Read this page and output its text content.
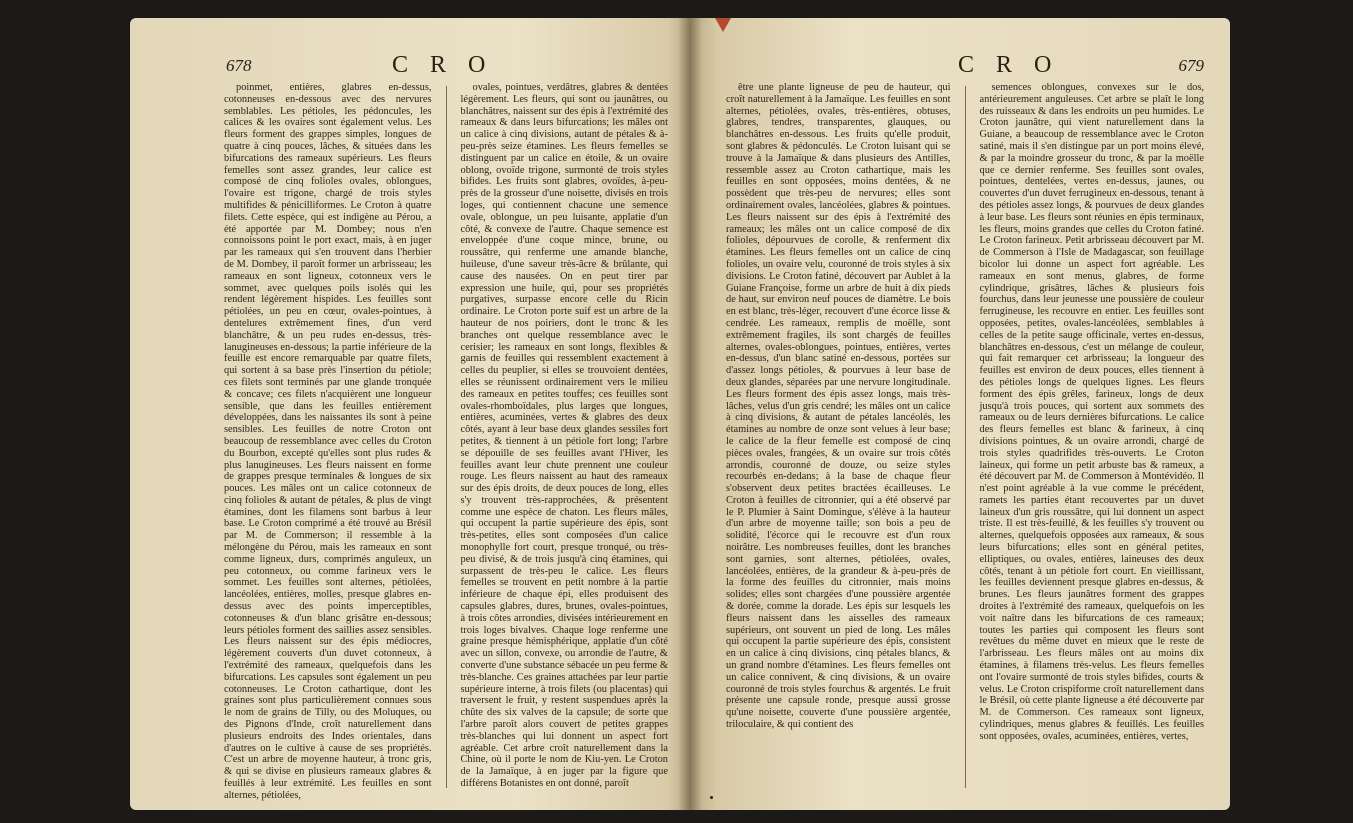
678	C R O

poinmet, entières, glabres en-dessus, cotonneuses en-dessous avec des nervures semblables. Les pétioles, les pédoncules, les calices & les ovaires sont également velus. Les fleurs forment des grappes simples, longues de quatre à cinq pouces, lâches, & situées dans les bifurcations des rameaux supérieurs. Les fleurs femelles sont assez grandes, leur calice est composé de cinq folioles ovales, oblongues, l'ovaire est trigone, chargé de trois styles multifides & pénicilliformes. Le Croton à quatre filets. Cette espèce, qui est indigène au Pérou, a été apportée par M. Dombey; nous n'en connoissons point le port exact, mais, à en juger par les rameaux qui s'en trouvent dans l'herbier de M. Dombey, il paroît former un arbrisseau; les rameaux en sont ligneux, cotonneux vers le sommet, avec quelques poils isolés qui les rendent légèrement hispides. Les feuilles sont pétiolées, un peu en cœur, ovales-pointues, à dentelures extrêmement fines, d'un verd blanchâtre, & un peu rudes en-dessus, très-lanugineuses en-dessous; la partie inférieure de la feuille est encore remarquable par quatre filets, qui sortent à sa base près l'insertion du pétiole; ces filets sont terminés par une glande tronquée & concave; ces filets n'acquièrent une longueur sensible, que dans les feuilles entièrement développées, dans les naissantes ils sont à peine sensibles. Les feuilles de notre Croton ont beaucoup de ressemblance avec celles du Croton du Bourbon, excepté qu'elles sont plus rudes & plus lanugineuses. Les fleurs naissent en forme de grappes presque terminales & longues de six pouces. Les mâles ont un calice cotonneux de cinq folioles & autant de pétales, & plus de vingt étamines, dont les filamens sont barbus à leur base. Le Croton comprimé a été trouvé au Brésil par M. de Commerson; il ressemble à la mélongène du Pérou, mais les rameaux en sont comme ligneux, durs, comprimés anguleux, un peu cotonneux, ou comme farineux vers le sommet. Les feuilles sont alternes, pétiolées, lancéolées, entières, molles, presque glabres en-dessus avec des points imperceptibles, cotonneuses & d'un blanc grisâtre en-dessous; leurs pétioles forment des saillies assez sensibles. Les fleurs naissent sur des épis médiocres, légèrement couverts d'un duvet cotonneux, à l'extrémité des rameaux, quelquefois dans les bifurcations. Les capsules sont également un peu cotonneuses. Le Croton cathartique, dont les graines sont plus particulièrement connues sous le nom de grains de Tilly, ou des Moluques, ou des Pignons d'Inde, croît naturellement dans plusieurs endroits des Indes orientales, dans d'autres on le cultive à cause de ses propriétés. C'est un arbre de moyenne hauteur, à tronc gris, & qui se divise en plusieurs rameaux glabres & feuillés à leur extrémité. Les feuilles en sont alternes, pétiolées,

ovales, pointues, verdâtres, glabres & dentées légèrement. Les fleurs, qui sont ou jaunâtres, ou blanchâtres, naissent sur des épis à l'extrémité des rameaux & dans leurs bifurcations; les mâles ont un calice à cinq divisions, autant de pétales & à-peu-près seize étamines. Les fleurs femelles se distinguent par un calice en étoile, & un ovaire oblong, ovoïde trigone, surmonté de trois styles bifides. Les fruits sont glabres, ovoïdes, à-peu-près de la grosseur d'une noisette, divisés en trois loges, qui contiennent chacune une semence ovale, oblongue, un peu luisante, applatie d'un côté, & convexe de l'autre. Chaque semence est enveloppée d'une coque mince, brune, ou roussâtre, qui renferme une amande blanche, huileuse, d'une saveur très-âcre & brûlante, qui cause des nausées. On en peut tirer par expression une huile, qui, pour ses propriétés purgatives, surpasse encore celle du Ricin ordinaire. Le Croton porte suif est un arbre de la hauteur de nos poiriers, dont le tronc & les branches ont quelque ressemblance avec le cerisier; les rameaux en sont longs, flexibles & garnis de feuilles qui ressemblent exactement à celles du peuplier, si elles se trouvoient dentées, elles se réunissent ordinairement vers le milieu des rameaux en petites touffes; ces feuilles sont ovales-rhomboïdales, plus larges que longues, entières, acuminées, vertes & glabres des deux côtés, ayant à leur base deux glandes sessiles fort petites, & tiennent à un pétiole fort long; l'arbre se dépouille de ses feuilles avant l'Hiver, les feuilles avant leur chute prennent une couleur rouge. Les fleurs naissent au haut des rameaux sur des épis droits, de deux pouces de long, elles s'y trouvent très-rapprochées, & présentent comme une espèce de chaton. Les fleurs mâles, qui occupent la partie supérieure des épis, sont très-petites, elles sont composées d'un calice monophylle fort court, presque tronqué, ou très-peu divisé, & de trois jusqu'à cinq étamines, qui surpassent de très-peu le calice. Les fleurs femelles se trouvent en petit nombre à la partie inférieure de chaque épi, elles produisent des capsules glabres, dures, brunes, ovales-pointues, à trois côtes arrondies, divisées intérieurement en trois loges bivalves. Chaque loge renferme une graine presque hémisphérique, applatie d'un côté avec un sillon, convexe, ou arrondie de l'autre, & converte d'une substance sébacée un peu ferme & très-blanche. Ces graines attachées par leur partie supérieure interne, à trois filets (ou placentas) qui traversent le fruit, y restent suspendues après la chûte des six valves de la capsule; de sorte que l'arbre paroît alors couvert de petites grappes très-blanches qui lui donnent un aspect fort agréable. Cet arbre croît naturellement dans la Chine, où il porte le nom de Kiu-yen. Le Croton de la Jamaïque, à en juger par la figure que différens Botanistes en ont donné, paroît

C R O	679

être une plante ligneuse de peu de hauteur, qui croît naturellement à la Jamaïque. Les feuilles en sont alternes, pétiolées, ovales, très-entières, obtuses, glabres, tendres, transparentes, glauques, ou blanchâtres en-dessous. Les fruits qu'elle produit, sont glabres & pédonculés. Le Croton luisant qui se trouve à la Jamaïque & dans plusieurs des Antilles, ressemble assez au Croton cathartique, mais les feuilles en sont opposées, moins dentées, & ne possèdent que très-peu de nervures; elles sont ordinairement ovales, lancéolées, glabres & pointues. Les fleurs naissent sur des épis à l'extrémité des rameaux; les mâles ont un calice composé de dix folioles, dépourvues de corolle, & renferment dix étamines. Les fleurs femelles ont un calice de cinq folioles, un ovaire velu, couronné de trois styles à six divisions. Le Croton fatiné, découvert par Aublet à la Guiane Françoise, forme un arbre de huit à dix pieds de haut, sur environ neuf pouces de diamètre. Le bois en est blanc, très-léger, recouvert d'une écorce lisse & cendrée. Les rameaux, remplis de moëlle, sont extrêmement fragiles, ils sont chargés de feuilles alternes, ovales-oblongues, pointues, entières, vertes en-dessus, d'un blanc satiné en-dessous, portées sur d'assez longs pétioles, & pourvues à leur base de deux glandes, séparées par une nervure longitudinale. Les fleurs forment des épis assez longs, mais très-lâches, velus d'un gris cendré; les mâles ont un calice à cinq divisions, & autant de pétales lancéolés, les étamines au nombre de onze sont velues à leur base; le calice de la fleur femelle est composé de cinq pièces ovales, frangées, & un ovaire sur trois côtés arrondis, couronné de douze, ou seize styles recourbés en-dedans; à la base de chaque fleur s'observent deux petites bractées écailleuses. Le Croton à feuilles de citronnier, qui a été observé par le P. Plumier à Saint Domingue, s'élève à la hauteur d'un arbre de moyenne taille; son bois a peu de solidité, l'écorce qui le recouvre est d'un roux noirâtre. Les nombreuses feuilles, dont les branches sont garnies, sont alternes, pétiolées, ovales, lancéolées, entières, de la grandeur & à-peu-près de la forme des feuilles du citronnier, mais moins solides; elles sont chargées d'une poussière argentée & dorée, comme la dorade. Les épis sur lesquels les fleurs naissent dans les aisselles des rameaux supérieurs, ont souvent un pied de long. Les mâles qui occupent la partie supérieure des épis, consistent en un calice à cinq divisions, cinq pétales blancs, & un grand nombre d'étamines. Les fleurs femelles ont un calice connivent, & cinq divisions, & un ovaire couronné de trois styles fourchus & argentés. Le fruit présente une capsule ronde, presque aussi grosse qu'une noisette, couverte d'une poussière argentée, triloculaire, & qui contient des

semences oblongues, convexes sur le dos, antérieurement anguleuses. Cet arbre se plaît le long des ruisseaux & dans les endroits un peu humides. Le Croton jaunâtre, qui vient naturellement dans la Guiane, a beaucoup de ressemblance avec le Croton satiné, mais il s'en distingue par un port moins élevé, & par la moindre grosseur du tronc, & par la moëlle que ce dernier renferme. Ses feuilles sont ovales, pointues, dentelées, vertes en-dessus, jaunes, ou couvertes d'un duvet ferrugineux en-dessous, tenant à des pétioles assez longs, & pourvues de deux glandes à leur base. Les fleurs sont réunies en épis terminaux, les fleurs, moins grandes que celles du Croton fatiné. Le Croton farineux. Petit arbrisseau découvert par M. de Commerson à l'Isle de Madagascar, son feuillage bicolor lui donne un aspect fort agréable. Les rameaux en sont menus, glabres, de forme cylindrique, grisâtres, lâches & plusieurs fois fourchus, dans leur jeunesse une poussière de couleur ferrugineuse, les recouvre en entier. Les feuilles sont opposées, petites, ovales-lancéolées, semblables à celles de la petite sauge officinale, vertes en-dessus, blanchâtres en-dessous, c'est un mélange de couleur, qui fait remarquer cet arbrisseau; la longueur des feuilles est environ de deux pouces, elles tiennent à des pétioles longs de quelques lignes. Les fleurs forment des épis grêles, farineux, longs de deux jusqu'à trois pouces, qui sortent aux sommets des rameaux ou de leurs dernières bifurcations. Le calice des fleurs femelles est blanc & farineux, à cinq divisions pointues, & un ovaire arrondi, chargé de trois styles quadrifides très-ouverts. Le Croton laineux, qui forme un petit arbuste bas & rameux, a été découvert par M. de Commerson à Montévidéo. Il n'est point agréable à la vue comme le précédent, ramets les parties étant recouvertes par un duvet laineux d'un gris roussâtre, qui lui donnent un aspect triste. Il est très-feuillé, & les feuilles s'y trouvent ou alternes, quelquefois opposées aux rameaux, & sous leurs bifurcations; elles sont en général petites, elliptiques, ou ovales, entières, laineuses des deux côtés, tenant à un pétiole fort court. En vieillissant, les feuilles deviennent presque glabres en-dessus, & brunes. Les fleurs jaunâtres forment des grappes droites à l'extrémité des rameaux, quelquefois on les voit naître dans les bifurcations de ces rameaux; toutes les parties qui composent les fleurs sont revêtues du même duvet en mieux que le reste de l'arbrisseau. Les fleurs mâles ont au moins dix étamines, à filamens très-velus. Les fleurs femelles ont l'ovaire surmonté de trois styles bifides, courts & velus. Le Croton crispiforme croît naturellement dans le Brésil, où cette plante ligneuse a été découverte par M. de Commerson. Ces rameaux sont ligneux, cylindriques, menus glabres & feuillés. Les feuilles sont opposées, ovales, acuminées, entières, vertes,
